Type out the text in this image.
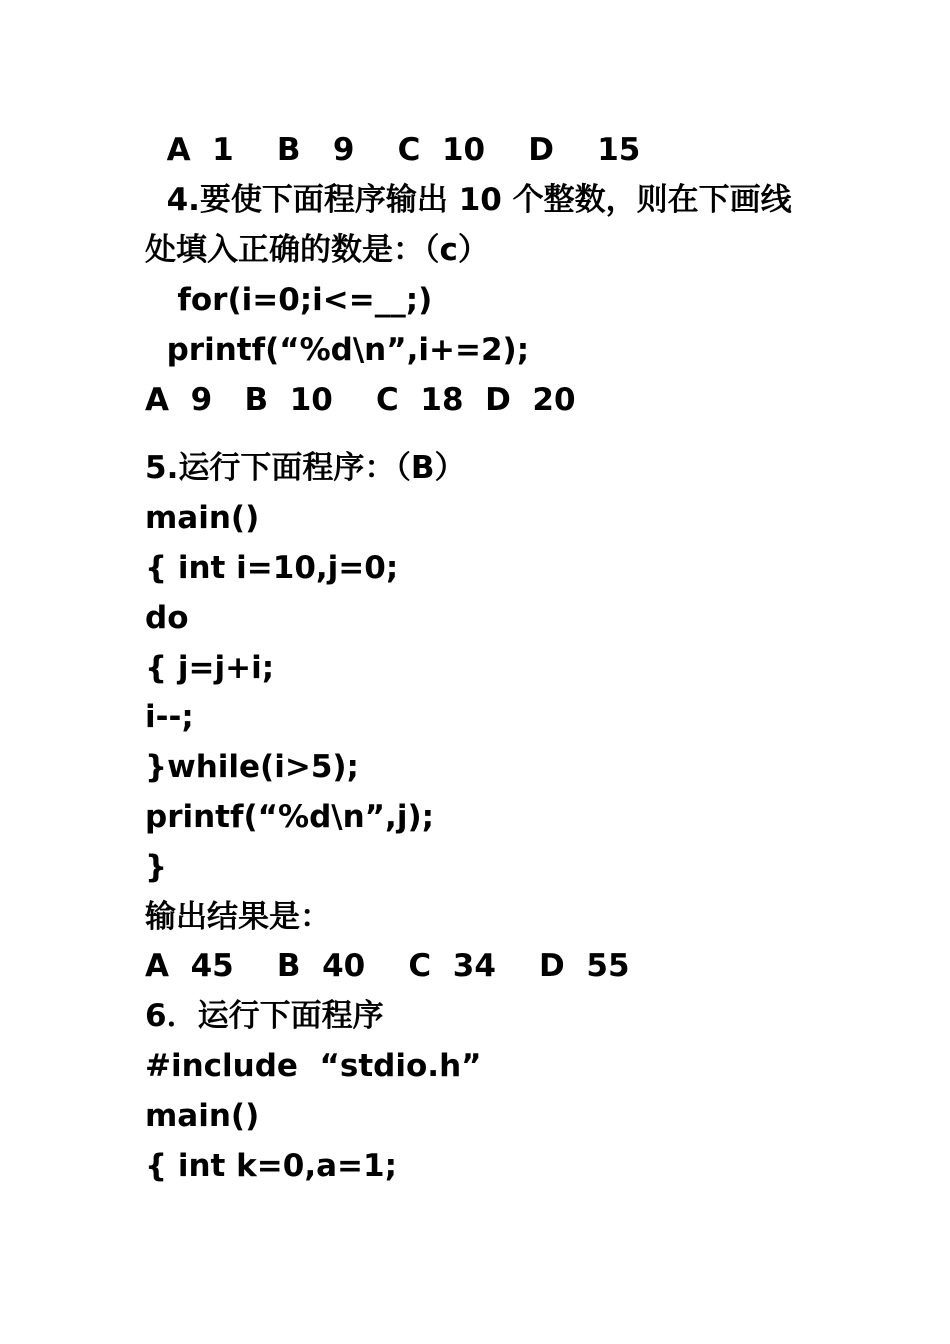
A  1    B   9    C  10    D    15
4.要使下面程序输出 10 个整数，则在下画线
处填入正确的数是：（c）
for(i=0;i<=__;)
printf(“%d\n”,i+=2);
A  9   B  10    C  18  D  20
5.运行下面程序：（B）
main()
{ int i=10,j=0;
do
{ j=j+i;
i--;
}while(i>5);
printf(“%d\n”,j);
}
输出结果是：
A  45    B  40    C  34    D  55
6．运行下面程序
#include  “stdio.h”
main()
{ int k=0,a=1;
